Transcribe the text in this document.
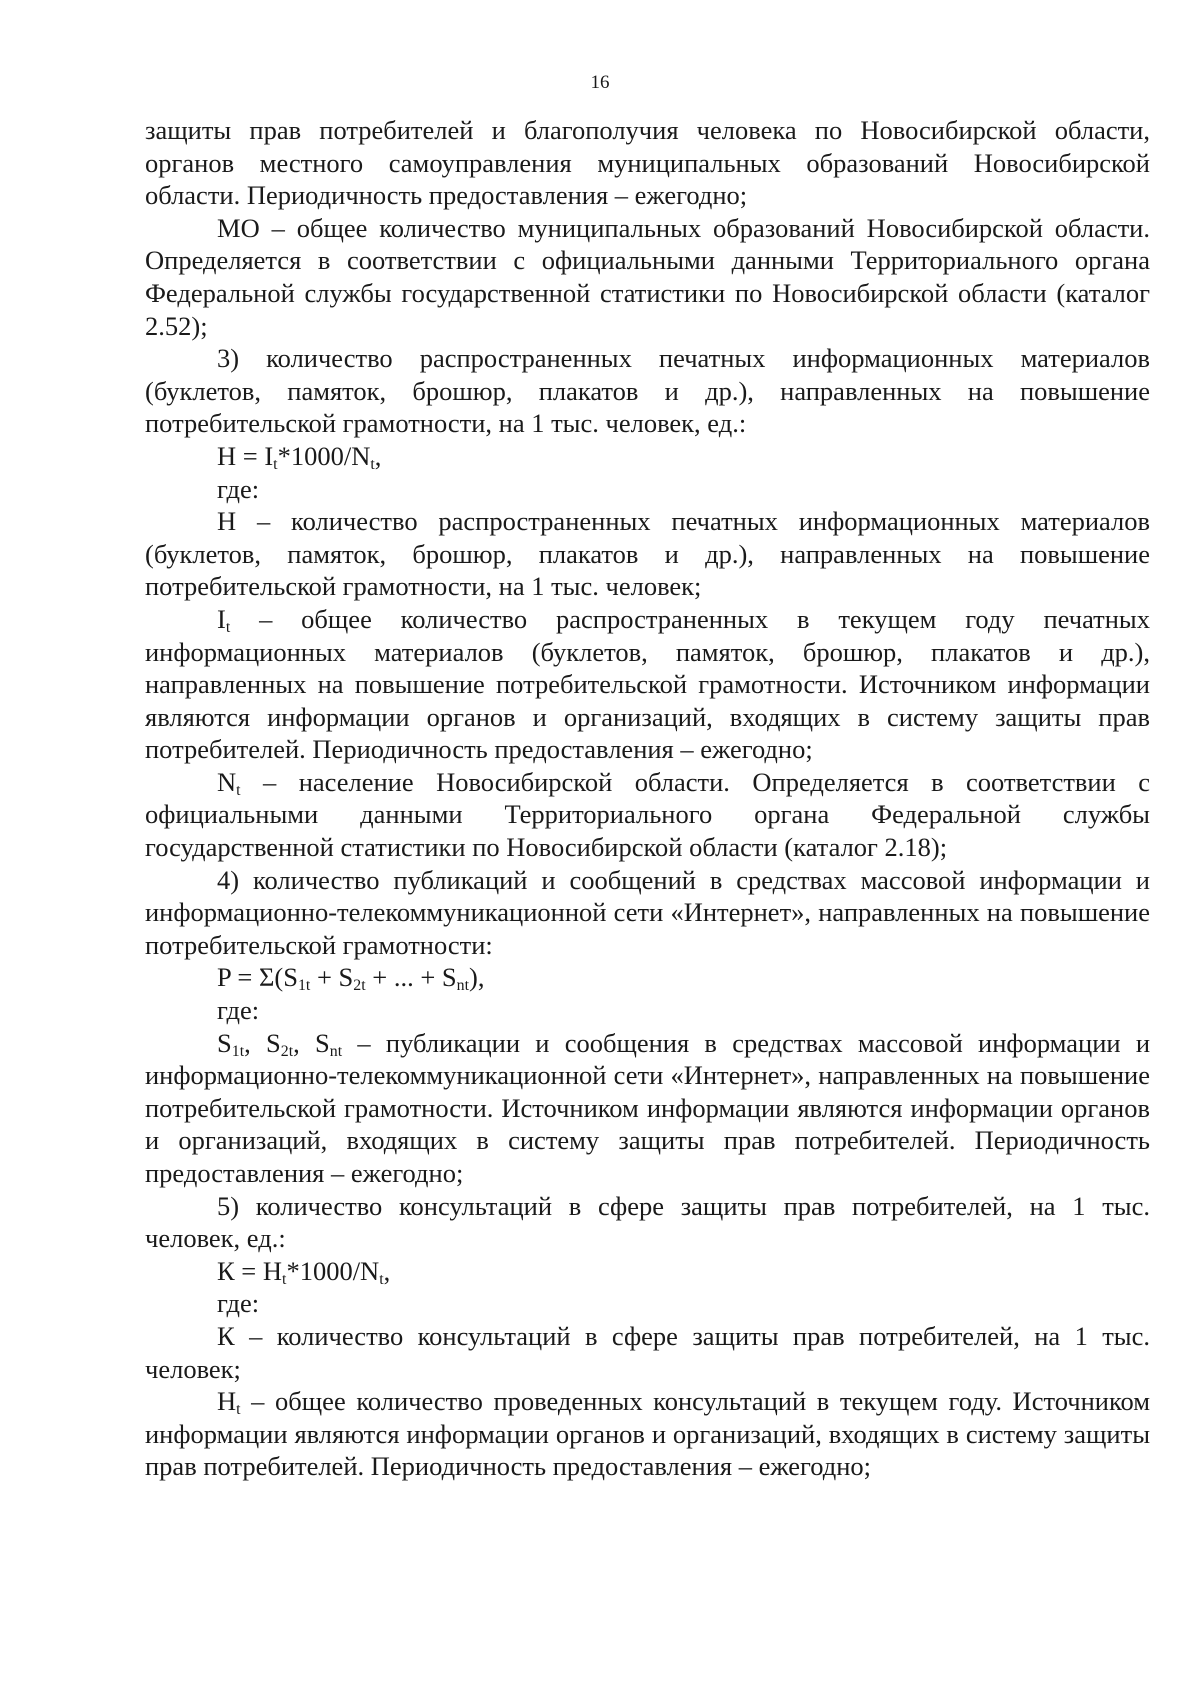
16

защиты прав потребителей и благополучия человека по Новосибирской области, органов местного самоуправления муниципальных образований Новосибирской области. Периодичность предоставления – ежегодно;

МО – общее количество муниципальных образований Новосибирской области. Определяется в соответствии с официальными данными Территориального органа Федеральной службы государственной статистики по Новосибирской области (каталог 2.52);

3) количество распространенных печатных информационных материалов (буклетов, памяток, брошюр, плакатов и др.), направленных на повышение потребительской грамотности, на 1 тыс. человек, ед.:

$Н = I_t*1000/N_t$,

где:

Н – количество распространенных печатных информационных материалов (буклетов, памяток, брошюр, плакатов и др.), направленных на повышение потребительской грамотности, на 1 тыс. человек;

$I_t$ – общее количество распространенных в текущем году печатных информационных материалов (буклетов, памяток, брошюр, плакатов и др.), направленных на повышение потребительской грамотности. Источником информации являются информации органов и организаций, входящих в систему защиты прав потребителей. Периодичность предоставления – ежегодно;

$N_t$ – население Новосибирской области. Определяется в соответствии с официальными данными Территориального органа Федеральной службы государственной статистики по Новосибирской области (каталог 2.18);

4) количество публикаций и сообщений в средствах массовой информации и информационно-телекоммуникационной сети «Интернет», направленных на повышение потребительской грамотности:

$P = \Sigma(S_{1t} + S_{2t}$ + ... + $S_{nt}$),

где:

$S_{1t}$, $S_{2t}$, $S_{nt}$ – публикации и сообщения в средствах массовой информации и информационно-телекоммуникационной сети «Интернет», направленных на повышение потребительской грамотности. Источником информации являются информации органов и организаций, входящих в систему защиты прав потребителей. Периодичность предоставления – ежегодно;

5) количество консультаций в сфере защиты прав потребителей, на 1 тыс. человек, ед.:

$К = H_t*1000/N_t$,

где:

К – количество консультаций в сфере защиты прав потребителей, на 1 тыс. человек;

$H_t$ – общее количество проведенных консультаций в текущем году. Источником информации являются информации органов и организаций, входящих в систему защиты прав потребителей. Периодичность предоставления – ежегодно;
